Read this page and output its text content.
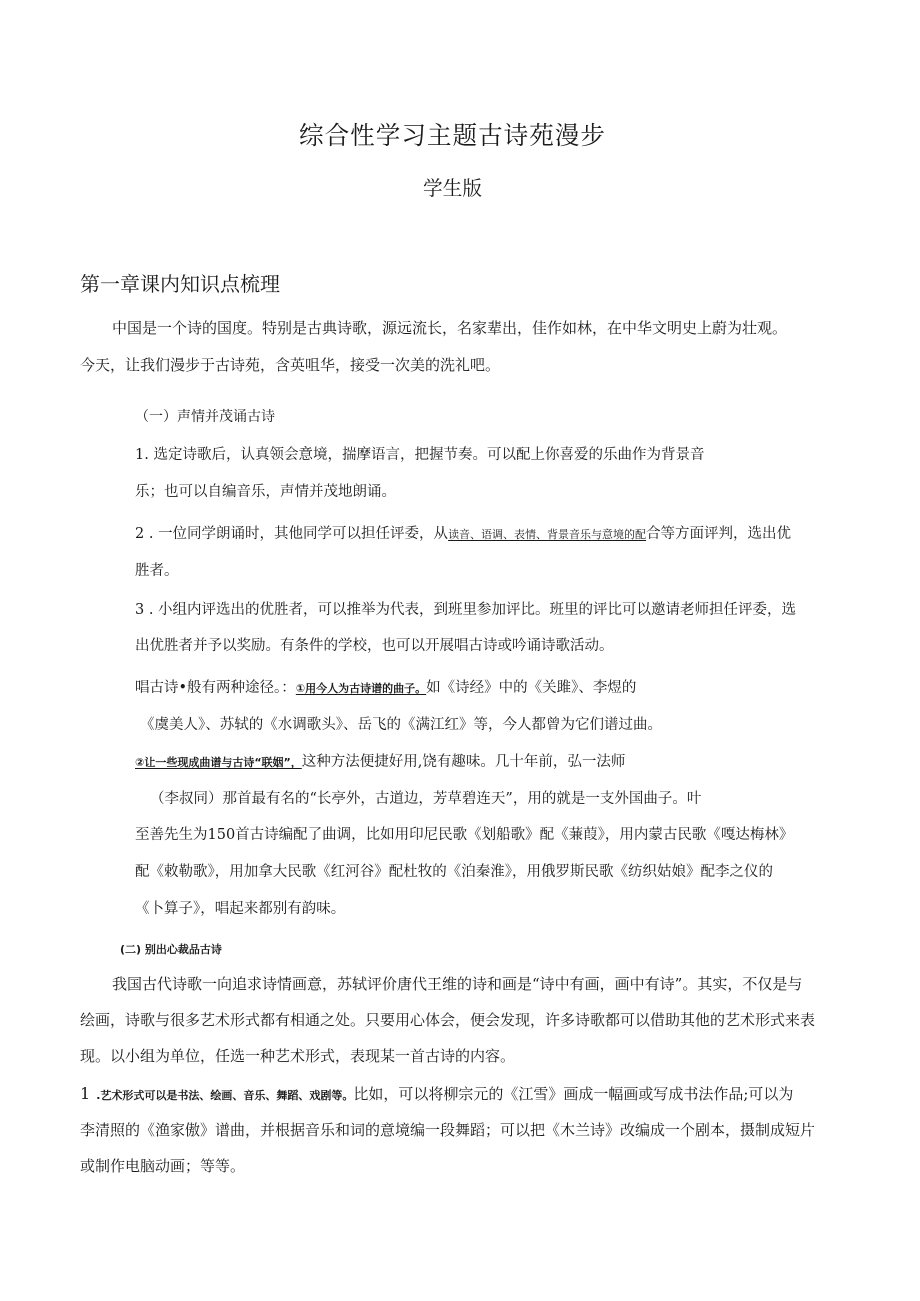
综合性学习主题古诗苑漫步
学生版
第一章课内知识点梳理
中国是一个诗的国度。特别是古典诗歌，源远流长，名家辈出，佳作如林，在中华文明史上蔚为壮观。
今天，让我们漫步于古诗苑，含英咀华，接受一次美的洗礼吧。
（一）声情并茂诵古诗
1. 选定诗歌后，认真领会意境，揣摩语言，把握节奏。可以配上你喜爱的乐曲作为背景音
乐；也可以自编音乐，声情并茂地朗诵。
2 . 一位同学朗诵时，其他同学可以担任评委，从读音、语调、表情、背景音乐与意境的配合等方面评判，选出优
胜者。
3 . 小组内评选出的优胜者，可以推举为代表，到班里参加评比。班里的评比可以邀请老师担任评委，选
出优胜者并予以奖励。有条件的学校，也可以开展唱古诗或吟诵诗歌活动。
唱古诗•般有两种途径。：①用今人为古诗谱的曲子。如《诗经》中的《关雎》、李煜的
《虞美人》、苏轼的《水调歌头》、岳飞的《满江红》等，今人都曾为它们谱过曲。
②让一些现成曲谱与古诗“联姻”，这种方法便捷好用,饶有趣味。几十年前，弘一法师
（李叔同）那首最有名的“长亭外，古道边，芳草碧连天”，用的就是一支外国曲子。叶
至善先生为150首古诗编配了曲调，比如用印尼民歌《划船歌》配《蒹葭》，用内蒙古民歌《嘎达梅林》
配《敕勒歌》，用加拿大民歌《红河谷》配杜牧的《泊秦淮》，用俄罗斯民歌《纺织姑娘》配李之仪的
《卜算子》，唱起来都别有韵味。
(二) 别出心裁品古诗
我国古代诗歌一向追求诗情画意，苏轼评价唐代王维的诗和画是“诗中有画，画中有诗”。其实，不仅是与
绘画，诗歌与很多艺术形式都有相通之处。只要用心体会，便会发现，许多诗歌都可以借助其他的艺术形式来表
现。以小组为单位，任选一种艺术形式，表现某一首古诗的内容。
1 .艺术形式可以是书法、绘画、音乐、舞蹈、戏剧等。比如，可以将柳宗元的《江雪》画成一幅画或写成书法作品;可以为
李清照的《渔家傲》谱曲，并根据音乐和词的意境编一段舞蹈；可以把《木兰诗》改编成一个剧本，摄制成短片
或制作电脑动画；等等。
